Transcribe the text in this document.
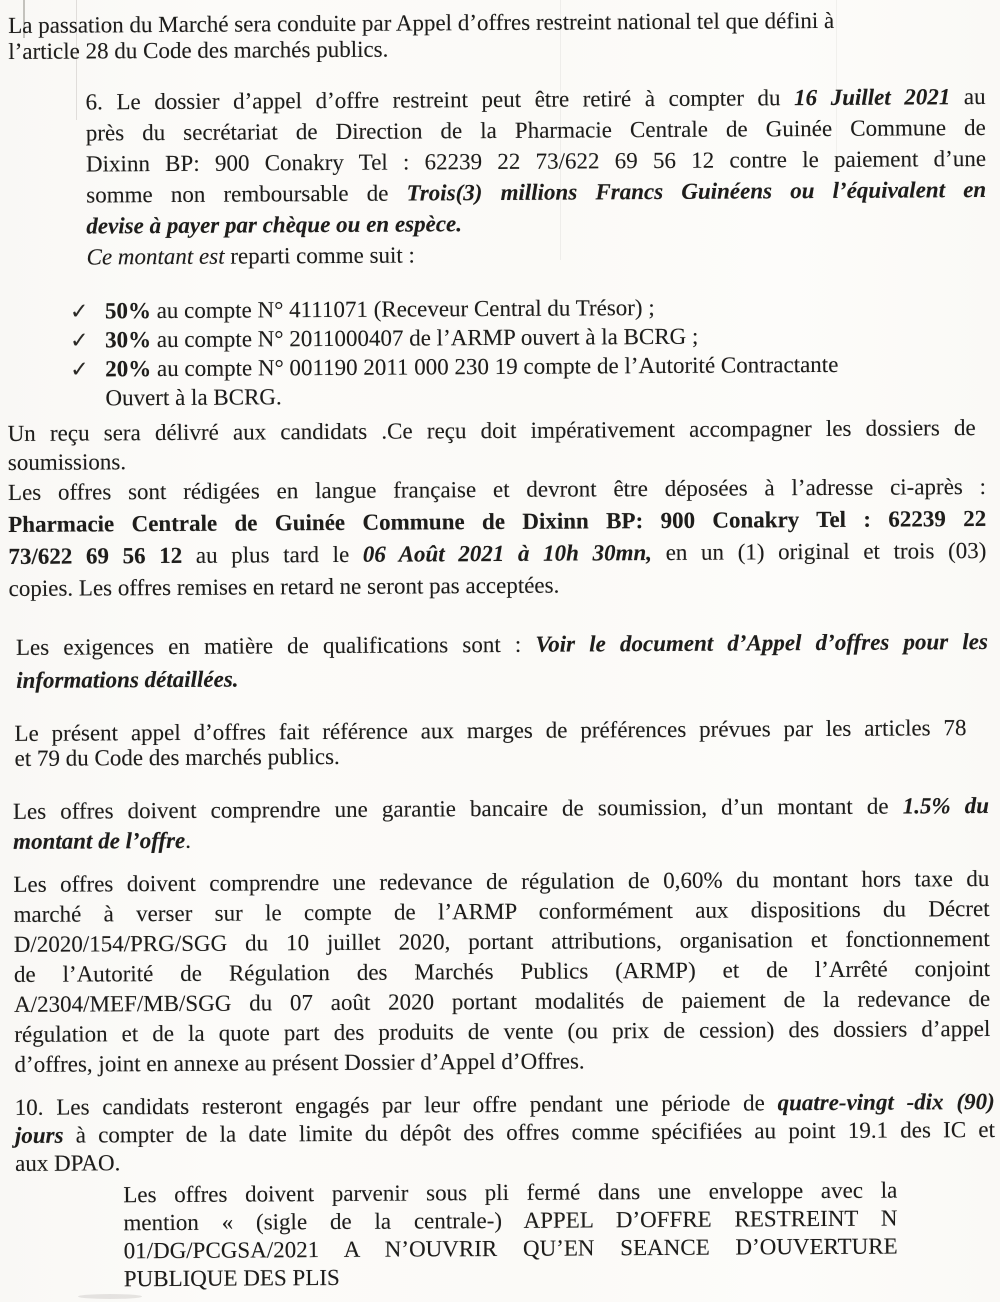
La passation du Marché sera conduite par Appel d’offres restreint national tel que défini à
l’article 28 du Code des marchés publics.
6. Le dossier d’appel d’offre restreint peut être retiré à compter du 16 Juillet 2021 au
près du secrétariat de Direction de la Pharmacie Centrale de Guinée Commune de
Dixinn BP: 900 Conakry Tel : 62239 22 73/622 69 56 12 contre le paiement d’une
somme non remboursable de Trois(3) millions Francs Guinéens ou l’équivalent en
devise à payer par chèque ou en espèce.
Ce montant est reparti comme suit :
✓ 50% au compte N° 4111071 (Receveur Central du Trésor) ;
✓ 30% au compte N° 2011000407 de l’ARMP ouvert à la BCRG ;
✓ 20% au compte N° 001190 2011 000 230 19 compte de l’Autorité Contractante
Ouvert à la BCRG.
Un reçu sera délivré aux candidats .Ce reçu doit impérativement accompagner les dossiers de
soumissions.
Les offres sont rédigées en langue française et devront être déposées à l’adresse ci-après :
Pharmacie Centrale de Guinée Commune de Dixinn BP: 900 Conakry Tel : 62239 22
73/622 69 56 12 au plus tard le 06 Août 2021 à 10h 30mn, en un (1) original et trois (03)
copies. Les offres remises en retard ne seront pas acceptées.
Les exigences en matière de qualifications sont : Voir le document d’Appel d’offres pour les
informations détaillées.
Le présent appel d’offres fait référence aux marges de préférences prévues par les articles 78
et 79 du Code des marchés publics.
Les offres doivent comprendre une garantie bancaire de soumission, d’un montant de 1.5% du
montant de l’offre.
Les offres doivent comprendre une redevance de régulation de 0,60% du montant hors taxe du
marché à verser sur le compte de l’ARMP conformément aux dispositions du Décret
D/2020/154/PRG/SGG du 10 juillet 2020, portant attributions, organisation et fonctionnement
de l’Autorité de Régulation des Marchés Publics (ARMP) et de l’Arrêté conjoint
A/2304/MEF/MB/SGG du 07 août 2020 portant modalités de paiement de la redevance de
régulation et de la quote part des produits de vente (ou prix de cession) des dossiers d’appel
d’offres, joint en annexe au présent Dossier d’Appel d’Offres.
10. Les candidats resteront engagés par leur offre pendant une période de quatre-vingt -dix (90)
jours à compter de la date limite du dépôt des offres comme spécifiées au point 19.1 des IC et
aux DPAO.
Les offres doivent parvenir sous pli fermé dans une enveloppe avec la
mention « (sigle de la centrale-) APPEL D’OFFRE RESTREINT N
01/DG/PCGSA/2021 A N’OUVRIR QU’EN SEANCE D’OUVERTURE
PUBLIQUE DES PLIS
